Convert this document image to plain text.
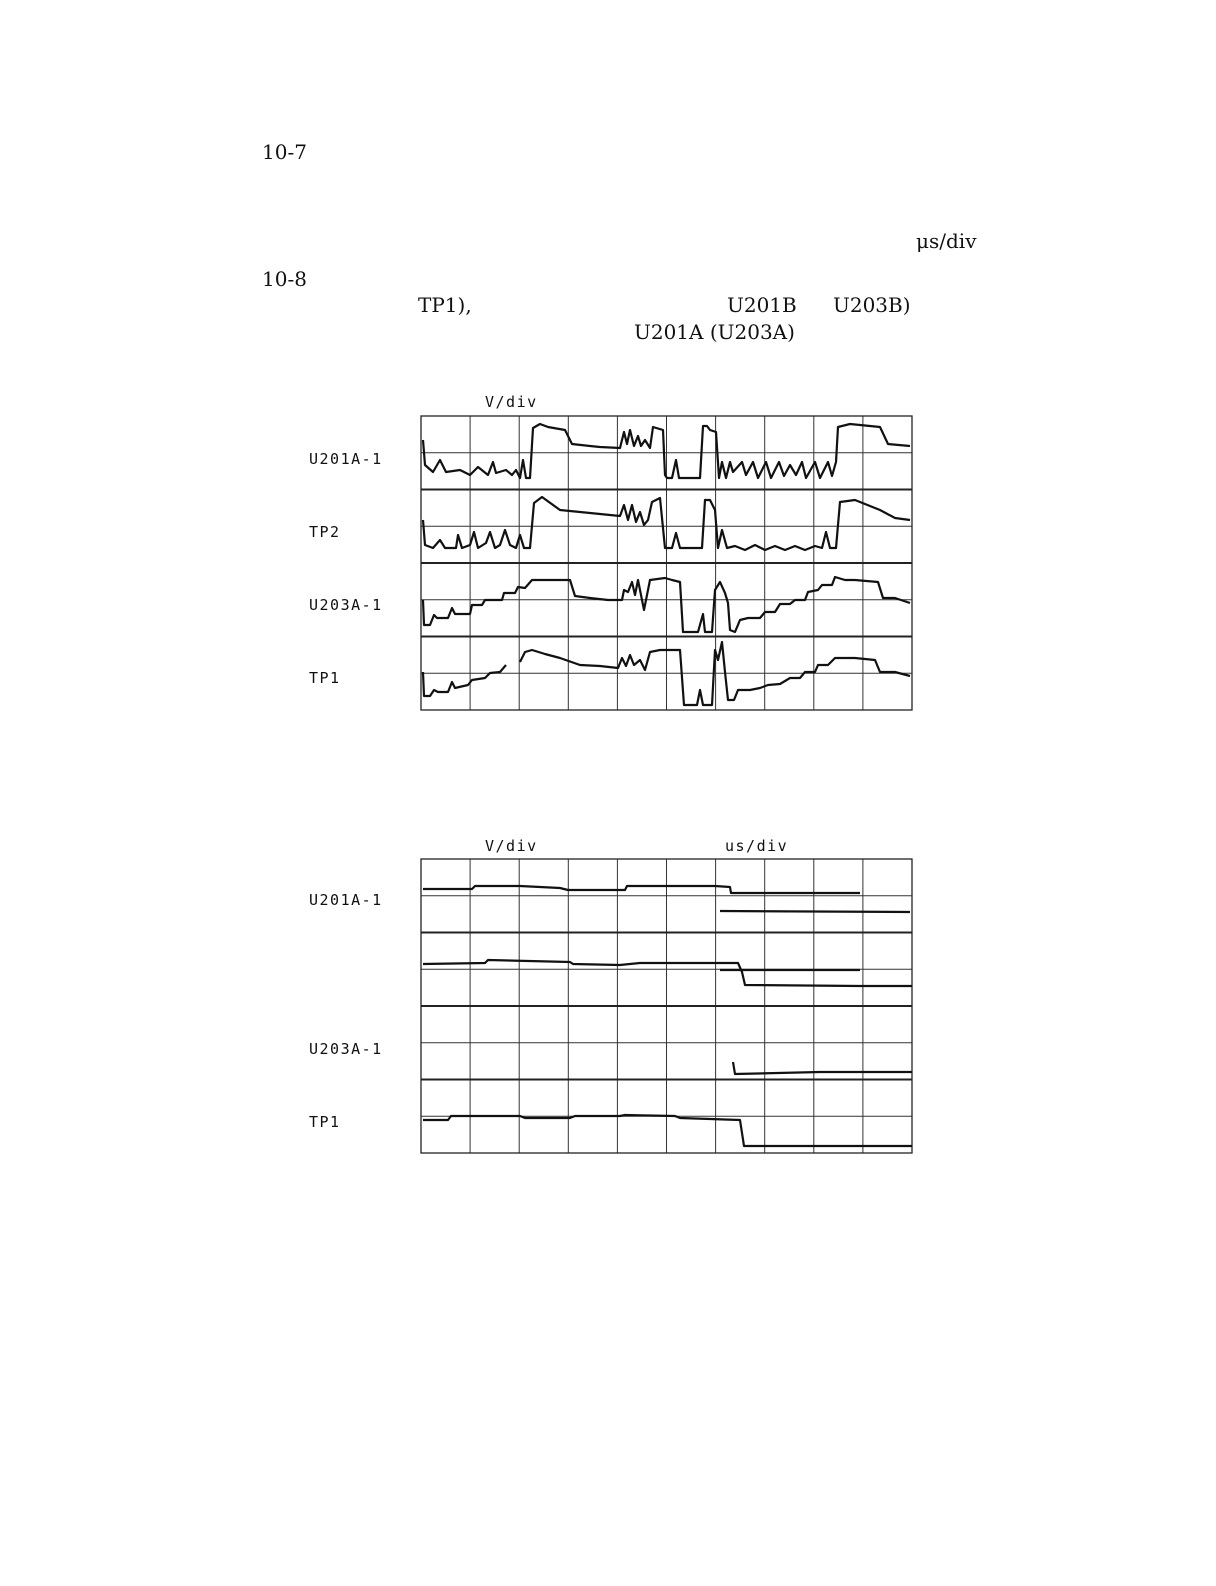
10-7
μs/div
10-8
TP1),	U201B U203B)
U201A (U203A)
V/div
U201A-1
TP2
U203A-1
TP1
V/div	us/div
U201A-1
U203A-1
TP1
